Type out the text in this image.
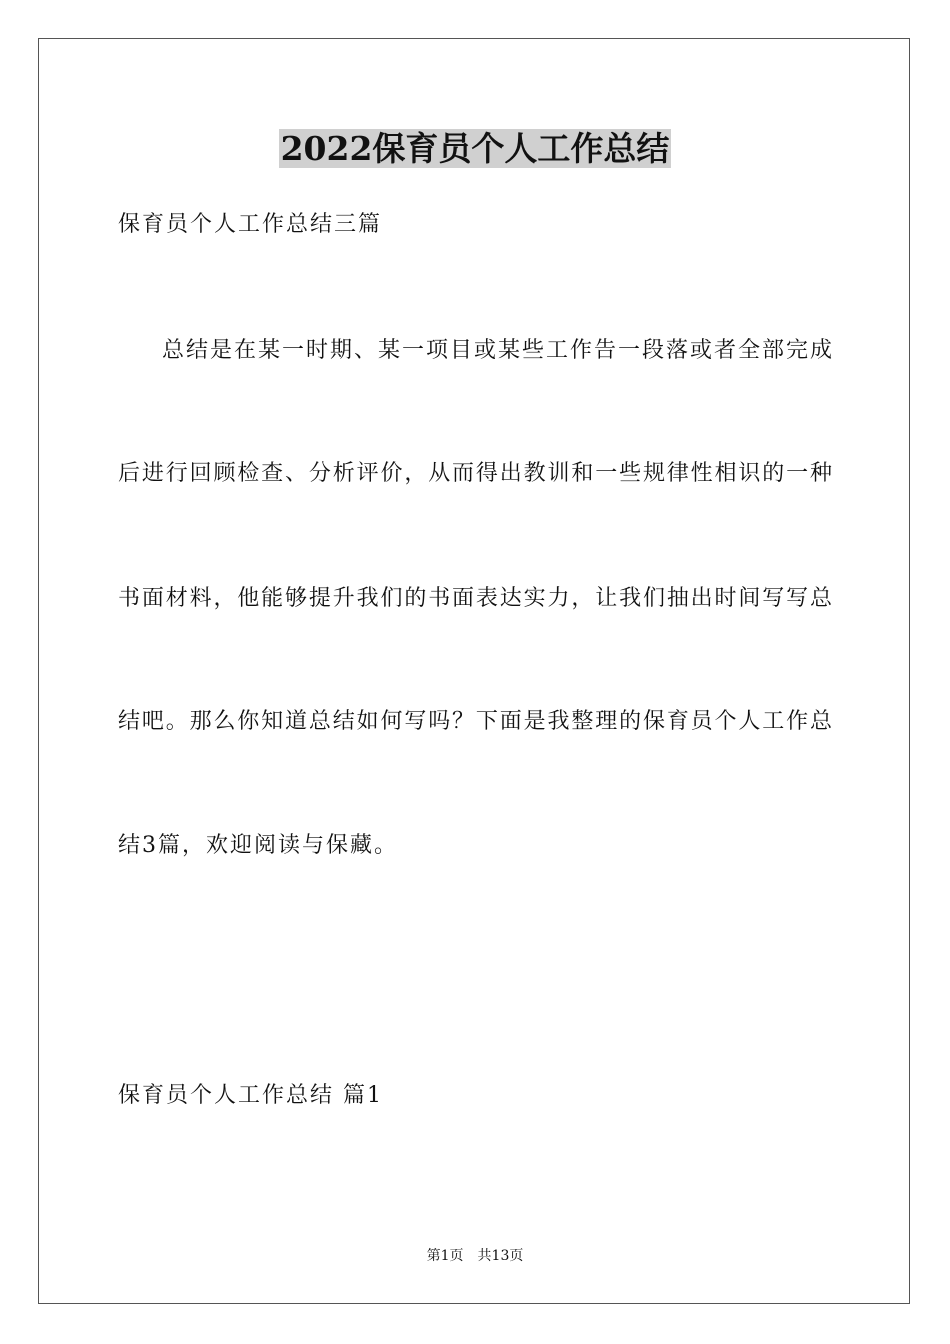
2022保育员个人工作总结
保育员个人工作总结三篇
总结是在某一时期、某一项目或某些工作告一段落或者全部完成
后进行回顾检查、分析评价，从而得出教训和一些规律性相识的一种
书面材料，他能够提升我们的书面表达实力，让我们抽出时间写写总
结吧。那么你知道总结如何写吗？下面是我整理的保育员个人工作总
结3篇，欢迎阅读与保藏。
保育员个人工作总结 篇1
第1页 共13页
